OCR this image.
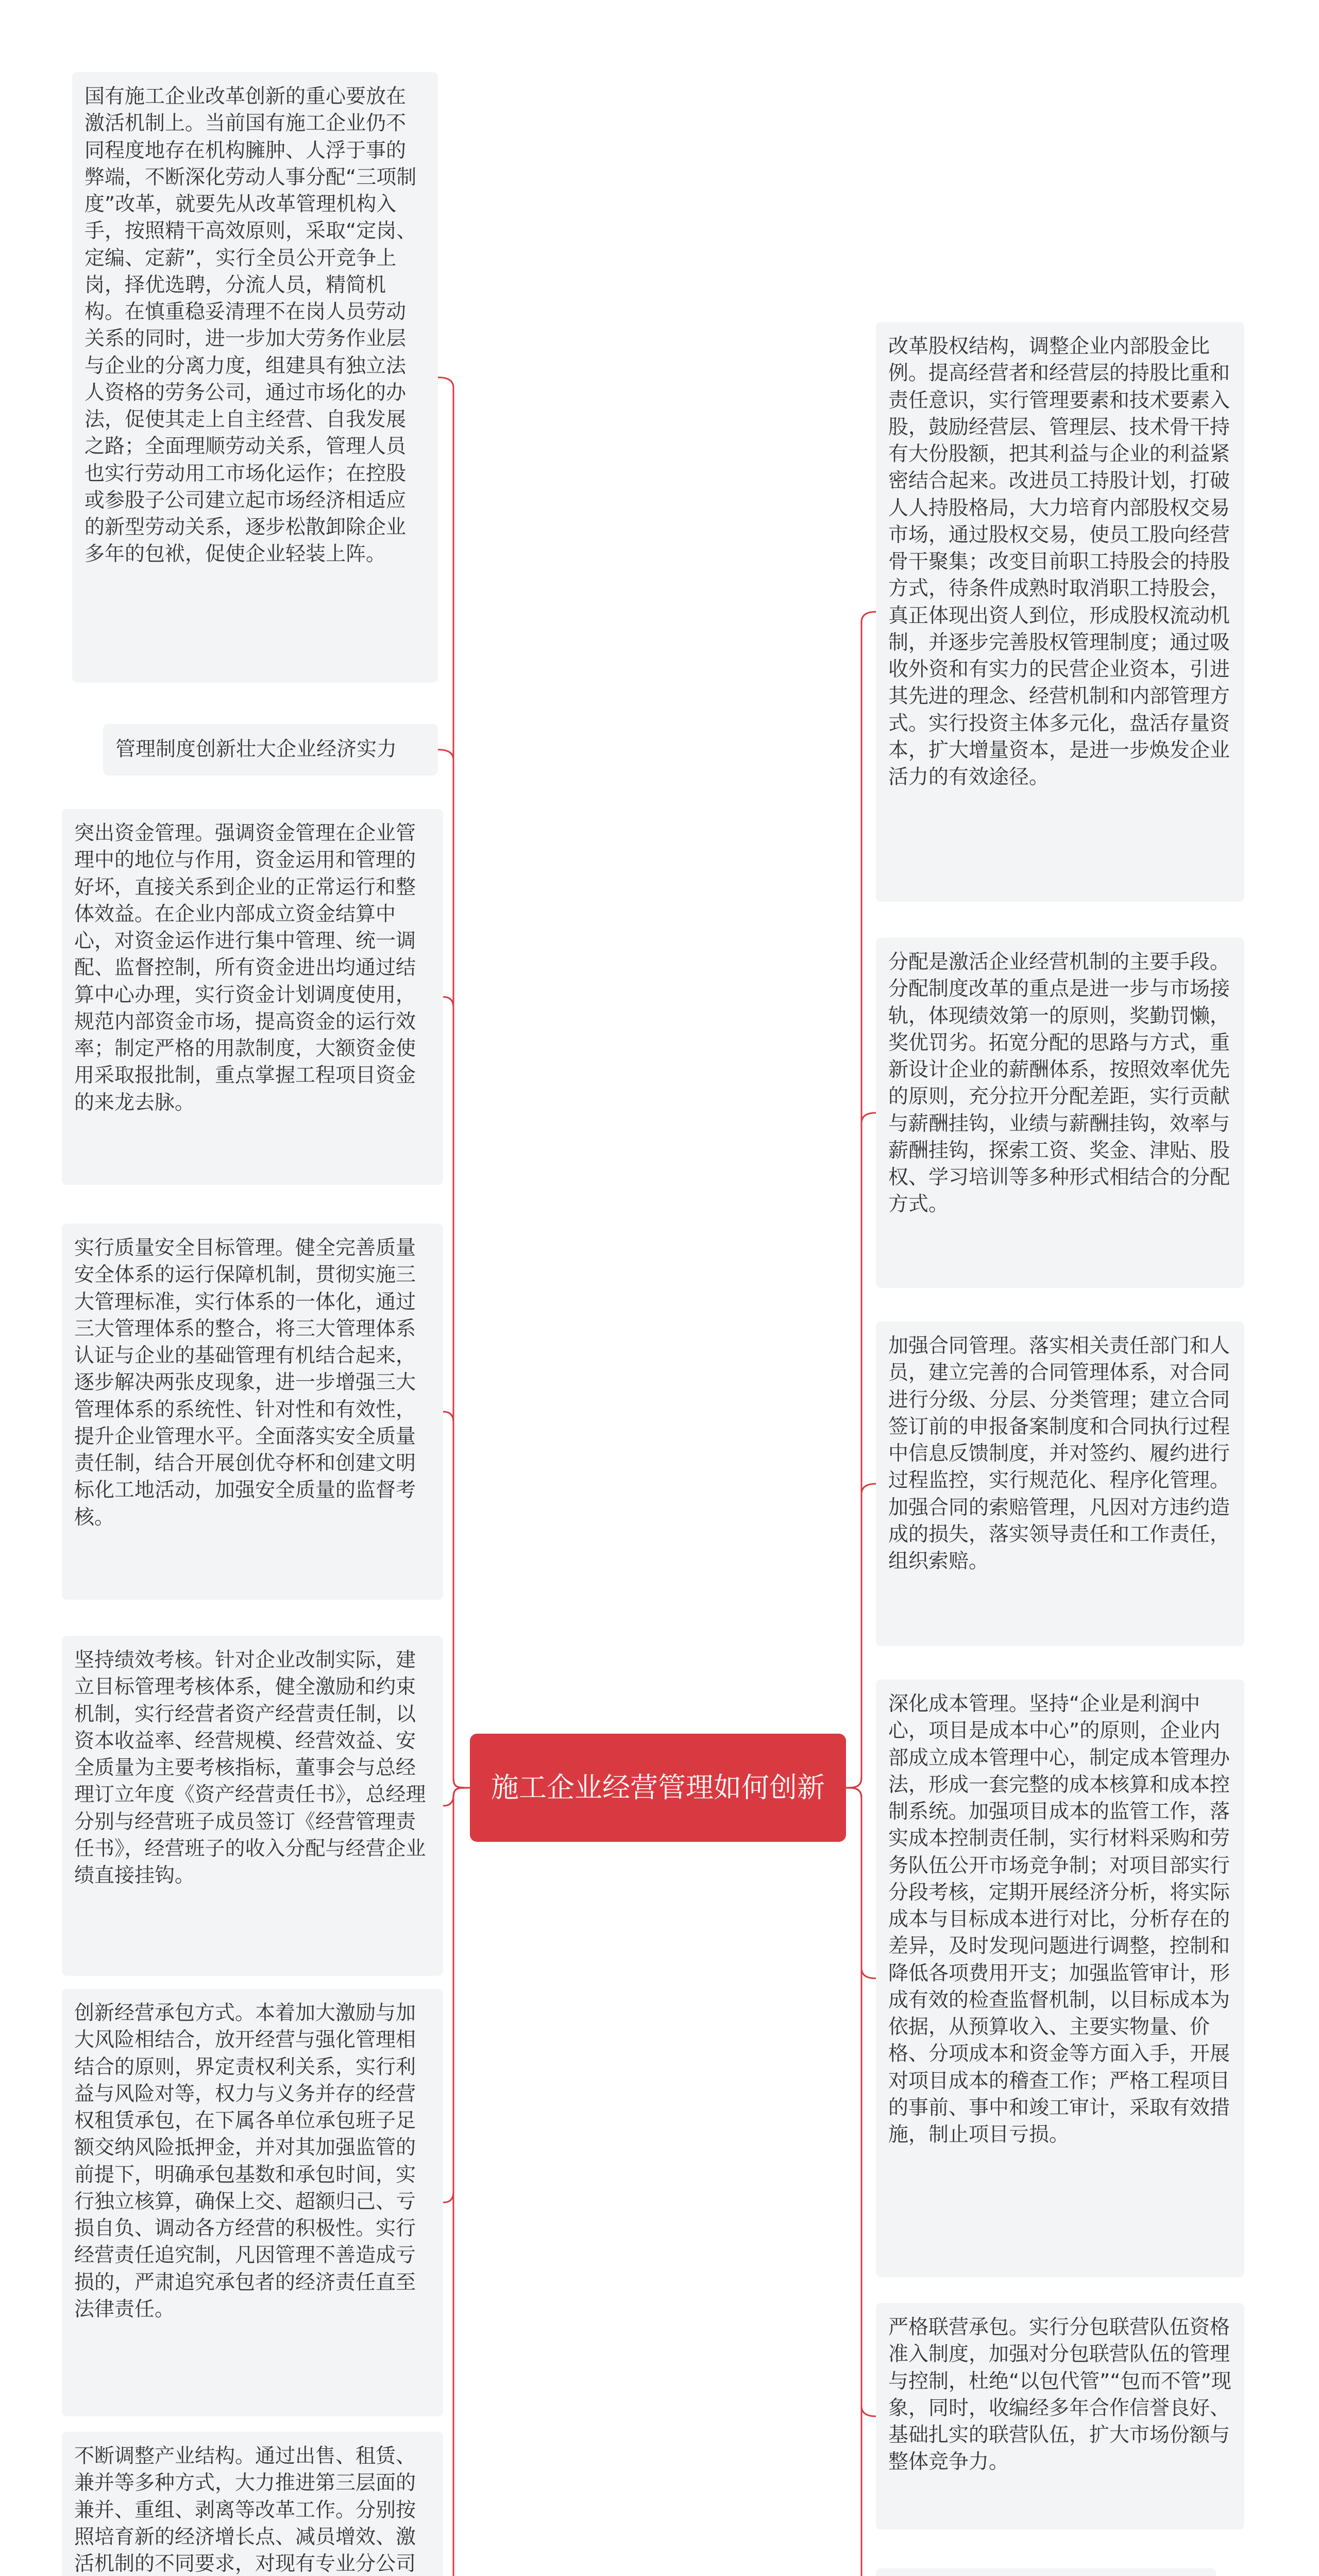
施工企业经营管理如何创新
国有施工企业改革创新的重心要放在激活机制上。当前国有施工企业仍不同程度地存在机构臃肿、人浮于事的弊端，不断深化劳动人事分配“三项制度”改革，就要先从改革管理机构入手，按照精干高效原则，采取“定岗、定编、定薪”，实行全员公开竞争上岗，择优选聘，分流人员，精简机构。在慎重稳妥清理不在岗人员劳动关系的同时，进一步加大劳务作业层与企业的分离力度，组建具有独立法人资格的劳务公司，通过市场化的办法，促使其走上自主经营、自我发展之路；全面理顺劳动关系，管理人员也实行劳动用工市场化运作；在控股或参股子公司建立起市场经济相适应的新型劳动关系，逐步松散卸除企业多年的包袱，促使企业轻装上阵。
管理制度创新壮大企业经济实力
突出资金管理。强调资金管理在企业管理中的地位与作用，资金运用和管理的好坏，直接关系到企业的正常运行和整体效益。在企业内部成立资金结算中心，对资金运作进行集中管理、统一调配、监督控制，所有资金进出均通过结算中心办理，实行资金计划调度使用，规范内部资金市场，提高资金的运行效率；制定严格的用款制度，大额资金使用采取报批制，重点掌握工程项目资金的来龙去脉。
实行质量安全目标管理。健全完善质量安全体系的运行保障机制，贯彻实施三大管理标准，实行体系的一体化，通过三大管理体系的整合，将三大管理体系认证与企业的基础管理有机结合起来，逐步解决两张皮现象，进一步增强三大管理体系的系统性、针对性和有效性，提升企业管理水平。全面落实安全质量责任制，结合开展创优夺杯和创建文明标化工地活动，加强安全质量的监督考核。
坚持绩效考核。针对企业改制实际，建立目标管理考核体系，健全激励和约束机制，实行经营者资产经营责任制，以资本收益率、经营规模、经营效益、安全质量为主要考核指标，董事会与总经理订立年度《资产经营责任书》，总经理分别与经营班子成员签订《经营管理责任书》，经营班子的收入分配与经营企业绩直接挂钩。
创新经营承包方式。本着加大激励与加大风险相结合，放开经营与强化管理相结合的原则，界定责权利关系，实行利益与风险对等，权力与义务并存的经营权租赁承包，在下属各单位承包班子足额交纳风险抵押金，并对其加强监管的前提下，明确承包基数和承包时间，实行独立核算，确保上交、超额归己、亏损自负、调动各方经营的积极性。实行经营责任追究制，凡因管理不善造成亏损的，严肃追究承包者的经济责任直至法律责任。
不断调整产业结构。通过出售、租赁、兼并等多种方式，大力推进第三层面的兼并、重组、剥离等改革工作。分别按照培育新的经济增长点、减员增效、激活机制的不同要求，对现有专业分公司
改革股权结构，调整企业内部股金比例。提高经营者和经营层的持股比重和责任意识，实行管理要素和技术要素入股，鼓励经营层、管理层、技术骨干持有大份股额，把其利益与企业的利益紧密结合起来。改进员工持股计划，打破人人持股格局，大力培育内部股权交易市场，通过股权交易，使员工股向经营骨干聚集；改变目前职工持股会的持股方式，待条件成熟时取消职工持股会，真正体现出资人到位，形成股权流动机制，并逐步完善股权管理制度；通过吸收外资和有实力的民营企业资本，引进其先进的理念、经营机制和内部管理方式。实行投资主体多元化，盘活存量资本，扩大增量资本，是进一步焕发企业活力的有效途径。
分配是激活企业经营机制的主要手段。分配制度改革的重点是进一步与市场接轨，体现绩效第一的原则，奖勤罚懒，奖优罚劣。拓宽分配的思路与方式，重新设计企业的薪酬体系，按照效率优先的原则，充分拉开分配差距，实行贡献与薪酬挂钩，业绩与薪酬挂钩，效率与薪酬挂钩，探索工资、奖金、津贴、股权、学习培训等多种形式相结合的分配方式。
加强合同管理。落实相关责任部门和人员，建立完善的合同管理体系，对合同进行分级、分层、分类管理；建立合同签订前的申报备案制度和合同执行过程中信息反馈制度，并对签约、履约进行过程监控，实行规范化、程序化管理。加强合同的索赔管理，凡因对方违约造成的损失，落实领导责任和工作责任，组织索赔。
深化成本管理。坚持“企业是利润中心，项目是成本中心”的原则，企业内部成立成本管理中心，制定成本管理办法，形成一套完整的成本核算和成本控制系统。加强项目成本的监管工作，落实成本控制责任制，实行材料采购和劳务队伍公开市场竞争制；对项目部实行分段考核，定期开展经济分析，将实际成本与目标成本进行对比，分析存在的差异，及时发现问题进行调整，控制和降低各项费用开支；加强监管审计，形成有效的检查监督机制，以目标成本为依据，从预算收入、主要实物量、价格、分项成本和资金等方面入手，开展对项目成本的稽查工作；严格工程项目的事前、事中和竣工审计，采取有效措施，制止项目亏损。
严格联营承包。实行分包联营队伍资格准入制度，加强对分包联营队伍的管理与控制，杜绝“以包代管”“包而不管”现象，同时，收编经多年合作信誉良好、基础扎实的联营队伍，扩大市场份额与整体竞争力。
